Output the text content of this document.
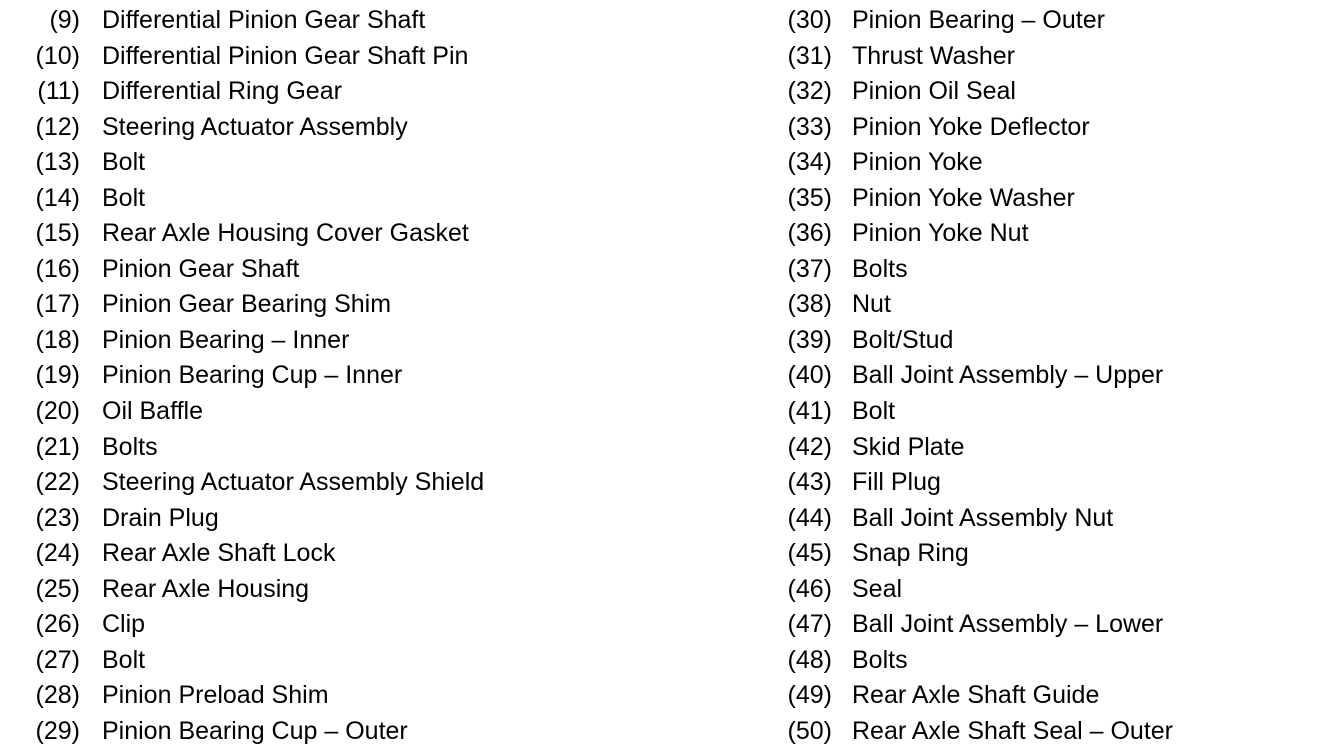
(9) Differential Pinion Gear Shaft
(10) Differential Pinion Gear Shaft Pin
(11) Differential Ring Gear
(12) Steering Actuator Assembly
(13) Bolt
(14) Bolt
(15) Rear Axle Housing Cover Gasket
(16) Pinion Gear Shaft
(17) Pinion Gear Bearing Shim
(18) Pinion Bearing – Inner
(19) Pinion Bearing Cup – Inner
(20) Oil Baffle
(21) Bolts
(22) Steering Actuator Assembly Shield
(23) Drain Plug
(24) Rear Axle Shaft Lock
(25) Rear Axle Housing
(26) Clip
(27) Bolt
(28) Pinion Preload Shim
(29) Pinion Bearing Cup – Outer
(30) Pinion Bearing – Outer
(31) Thrust Washer
(32) Pinion Oil Seal
(33) Pinion Yoke Deflector
(34) Pinion Yoke
(35) Pinion Yoke Washer
(36) Pinion Yoke Nut
(37) Bolts
(38) Nut
(39) Bolt/Stud
(40) Ball Joint Assembly – Upper
(41) Bolt
(42) Skid Plate
(43) Fill Plug
(44) Ball Joint Assembly Nut
(45) Snap Ring
(46) Seal
(47) Ball Joint Assembly – Lower
(48) Bolts
(49) Rear Axle Shaft Guide
(50) Rear Axle Shaft Seal – Outer
